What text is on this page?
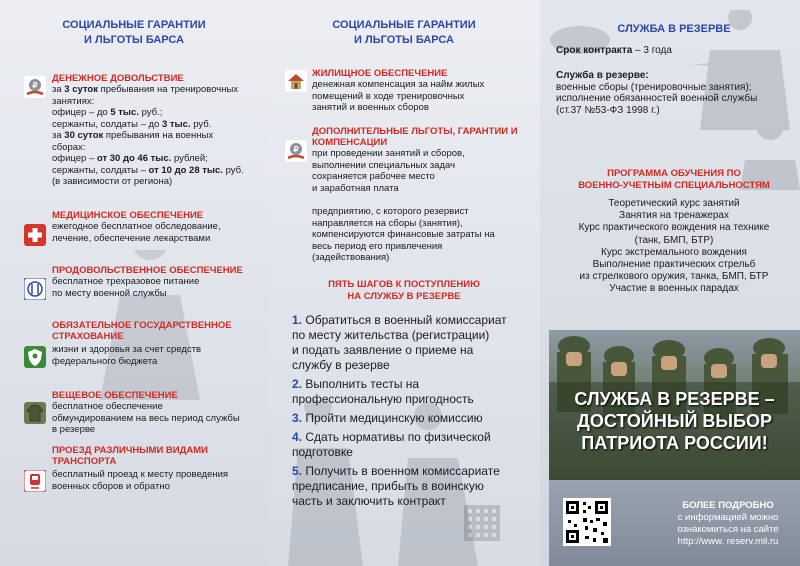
СОЦИАЛЬНЫЕ ГАРАНТИИ
И ЛЬГОТЫ БАРСА
₽
ДЕНЕЖНОЕ ДОВОЛЬСТВИЕ
за 3 суток пребывания на тренировочных
занятиях:
офицер – до 5 тыс. руб.;
сержанты, солдаты – до 3 тыс. руб.
за 30 суток пребывания на военных
сборах:
офицер – от 30 до 46 тыс. рублей;
сержанты, солдаты – от 10 до 28 тыс. руб.
(в зависимости от региона)
МЕДИЦИНСКОЕ ОБЕСПЕЧЕНИЕ
ежегодное бесплатное обследование,
лечение, обеспечение лекарствами
ПРОДОВОЛЬСТВЕННОЕ ОБЕСПЕЧЕНИЕ
бесплатное трехразовое питание
по месту военной службы
ОБЯЗАТЕЛЬНОЕ ГОСУДАРСТВЕННОЕ
СТРАХОВАНИЕ
жизни и здоровья за счет средств
федерального бюджета
ВЕЩЕВОЕ ОБЕСПЕЧЕНИЕ
бесплатное обеспечение
обмундированием на весь период службы
в резерве
ПРОЕЗД РАЗЛИЧНЫМИ ВИДАМИ
ТРАНСПОРТА
бесплатный проезд к месту проведения
военных сборов и обратно
СОЦИАЛЬНЫЕ ГАРАНТИИ
И ЛЬГОТЫ БАРСА
ЖИЛИЩНОЕ ОБЕСПЕЧЕНИЕ
денежная компенсация за найм жилых
помещений в ходе тренировочных
занятий и военных сборов
₽
ДОПОЛНИТЕЛЬНЫЕ ЛЬГОТЫ, ГАРАНТИИ И
КОМПЕНСАЦИИ
при проведении занятий и сборов,
выполнении специальных задач
сохраняется рабочее место
и заработная плата
предприятию, с которого резервист
направляется на сборы (занятия),
компенсируются финансовые затраты на
весь период его привлечения
(задействования)
ПЯТЬ ШАГОВ К ПОСТУПЛЕНИЮ
НА СЛУЖБУ В РЕЗЕРВЕ
1. Обратиться в военный комиссариат
по месту жительства (регистрации)
и подать заявление о приеме на
службу в резерве
2. Выполнить тесты на
профессиональную пригодность
3. Пройти медицинскую комиссию
4. Сдать нормативы по физической
подготовке
5. Получить в военном комиссариате
предписание, прибыть в воинскую
часть и заключить контракт
СЛУЖБА В РЕЗЕРВЕ
Срок контракта – 3 года
Служба в резерве:
военные сборы (тренировочные занятия);
исполнение обязанностей военной службы
(ст.37 №53-ФЗ 1998 г.)
ПРОГРАММА ОБУЧЕНИЯ ПО
ВОЕННО-УЧЕТНЫМ СПЕЦИАЛЬНОСТЯМ
Теоретический курс занятий
Занятия на тренажерах
Курс практического вождения на технике
(танк, БМП, БТР)
Курс экстремального вождения
Выполнение практических стрельб
из стрелкового оружия, танка, БМП, БТР
Участие в военных парадах
СЛУЖБА В РЕЗЕРВЕ –
ДОСТОЙНЫЙ ВЫБОР
ПАТРИОТА РОССИИ!
БОЛЕЕ ПОДРОБНО
с информацией можно
ознакомиться на сайте
http://www. reserv.mil.ru
